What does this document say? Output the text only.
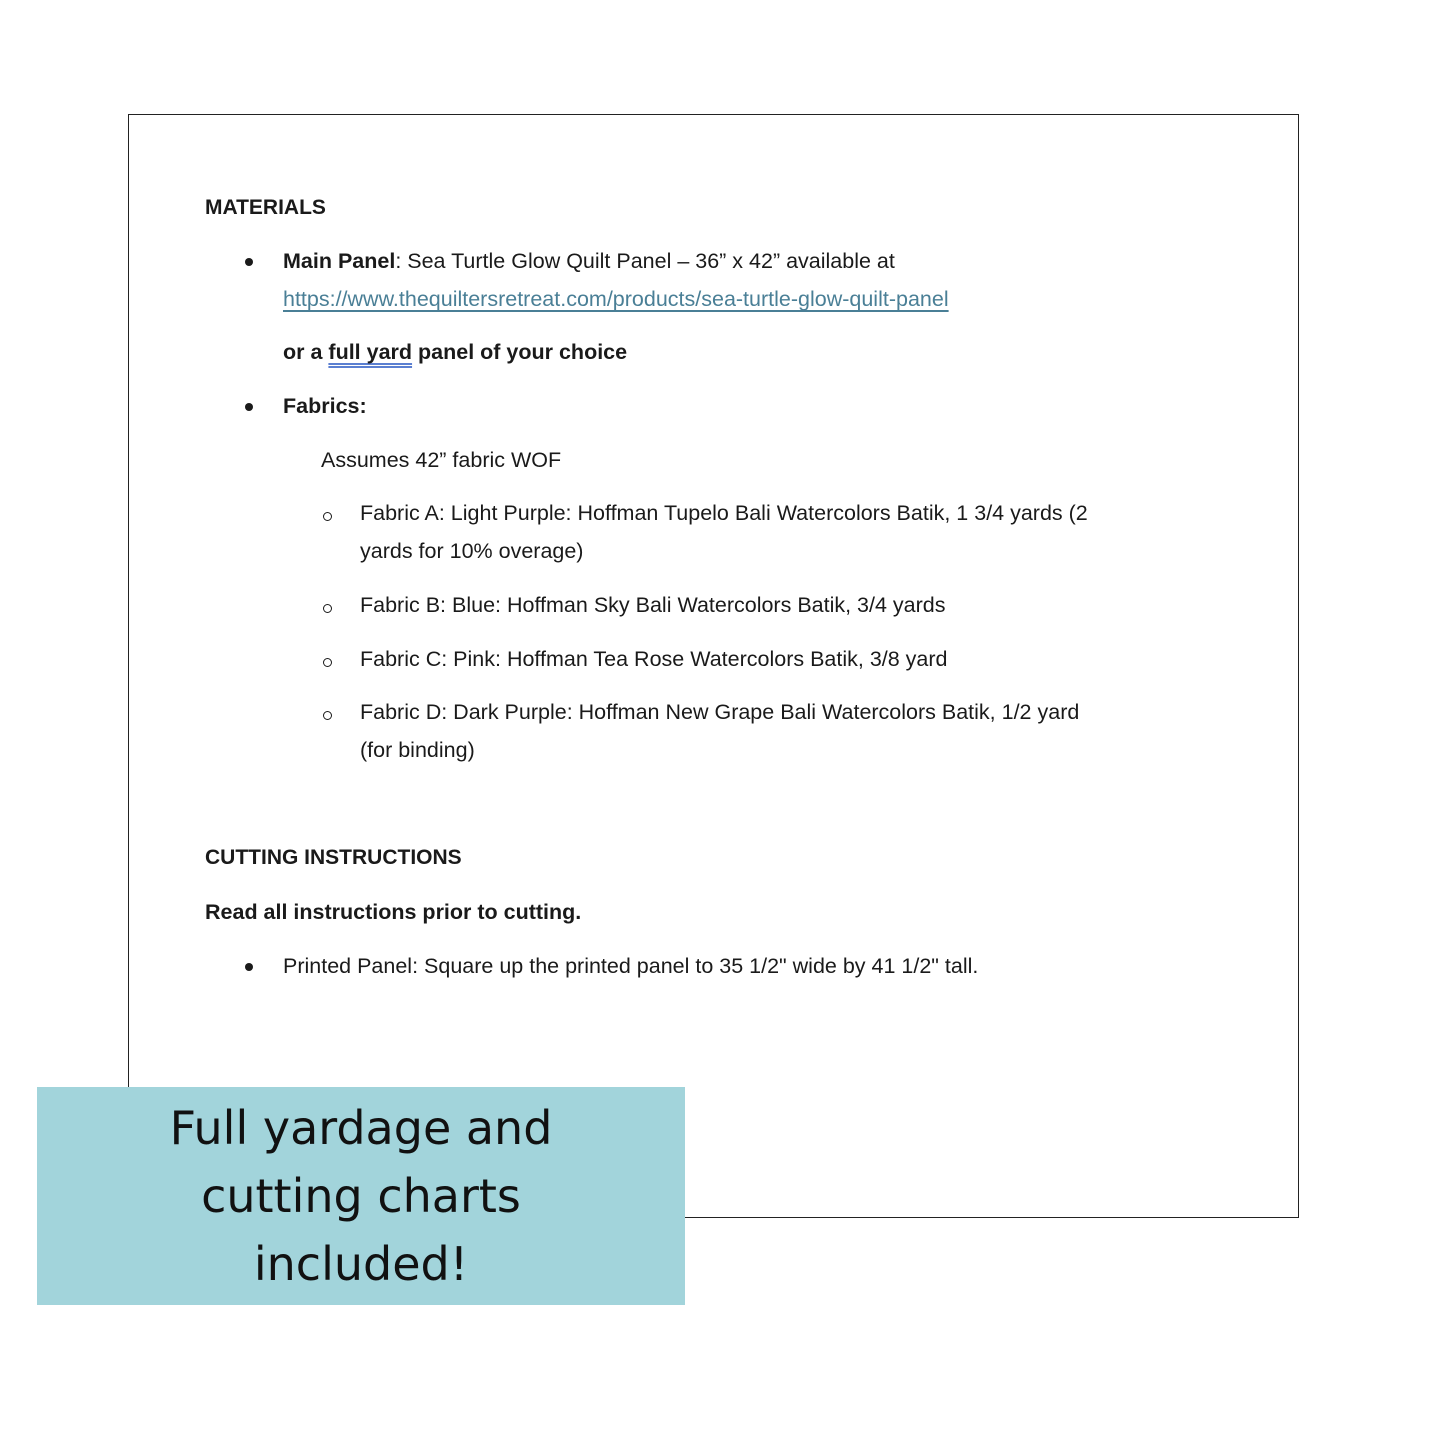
MATERIALS
Main Panel: Sea Turtle Glow Quilt Panel – 36” x 42” available at
https://www.thequiltersretreat.com/products/sea-turtle-glow-quilt-panel
or a full yard panel of your choice
Fabrics:
Assumes 42” fabric WOF
Fabric A: Light Purple: Hoffman Tupelo Bali Watercolors Batik, 1 3/4 yards (2
yards for 10% overage)
Fabric B: Blue: Hoffman Sky Bali Watercolors Batik, 3/4 yards
Fabric C: Pink: Hoffman Tea Rose Watercolors Batik, 3/8 yard
Fabric D: Dark Purple: Hoffman New Grape Bali Watercolors Batik, 1/2 yard
(for binding)
CUTTING INSTRUCTIONS
Read all instructions prior to cutting.
Printed Panel: Square up the printed panel to 35 1/2" wide by 41 1/2" tall.
Full yardage and
cutting charts
included!
